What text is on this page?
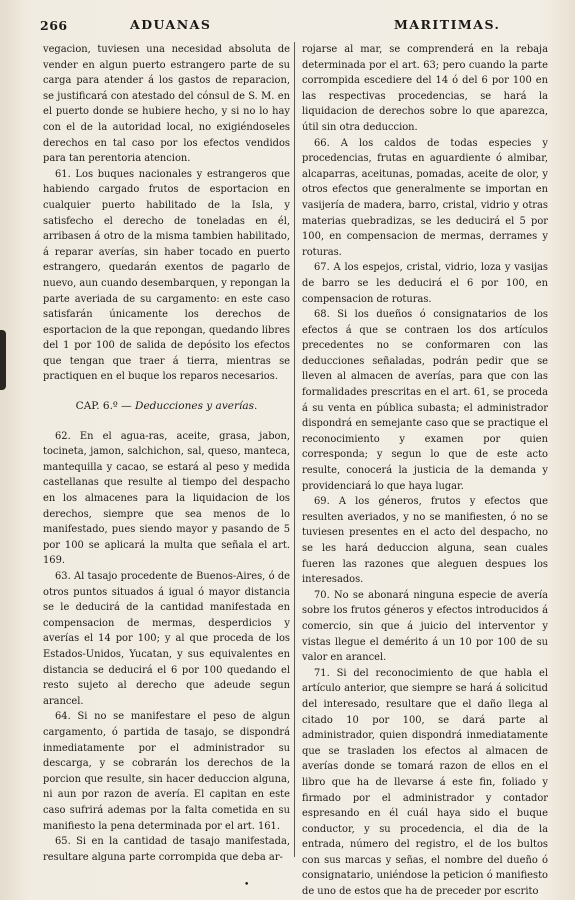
266	ADUANAS	MARITIMAS.

vegacion, tuviesen una necesidad absoluta de vender en algun puerto estrangero parte de su carga para atender á los gastos de reparacion, se justificará con atestado del cónsul de S. M. en el puerto donde se hubiere hecho, y si no lo hay con el de la autoridad local, no exigiéndoseles derechos en tal caso por los efectos vendidos para tan perentoria atencion.

61. Los buques nacionales y estrangeros que habiendo cargado frutos de esportacion en cualquier puerto habilitado de la Isla, y satisfecho el derecho de toneladas en él, arribasen á otro de la misma tambien habilitado, á reparar averías, sin haber tocado en puerto estrangero, quedarán exentos de pagarlo de nuevo, aun cuando desembarquen, y repongan la parte averiada de su cargamento: en este caso satisfarán únicamente los derechos de esportacion de la que repongan, quedando libres del 1 por 100 de salida de depósito los efectos que tengan que traer á tierra, mientras se practiquen en el buque los reparos necesarios.

CAP. 6.º — Deducciones y averías.

62. En el agua-ras, aceite, grasa, jabon, tocineta, jamon, salchichon, sal, queso, manteca, mantequilla y cacao, se estará al peso y medida castellanas que resulte al tiempo del despacho en los almacenes para la liquidacion de los derechos, siempre que sea menos de lo manifestado, pues siendo mayor y pasando de 5 por 100 se aplicará la multa que señala el art. 169.

63. Al tasajo procedente de Buenos-Aires, ó de otros puntos situados á igual ó mayor distancia se le deducirá de la cantidad manifestada en compensacion de mermas, desperdicios y averías el 14 por 100; y al que proceda de los Estados-Unidos, Yucatan, y sus equivalentes en distancia se deducirá el 6 por 100 quedando el resto sujeto al derecho que adeude segun arancel.

64. Si no se manifestare el peso de algun cargamento, ó partida de tasajo, se dispondrá inmediatamente por el administrador su descarga, y se cobrarán los derechos de la porcion que resulte, sin hacer deduccion alguna, ni aun por razon de avería. El capitan en este caso sufrirá ademas por la falta cometida en su manifiesto la pena determinada por el art. 161.

65. Si en la cantidad de tasajo manifestada, resultare alguna parte corrompida que deba ar-

rojarse al mar, se comprenderá en la rebaja determinada por el art. 63; pero cuando la parte corrompida escediere del 14 ó del 6 por 100 en las respectivas procedencias, se hará la liquidacion de derechos sobre lo que aparezca, útil sin otra deduccion.

66. A los caldos de todas especies y procedencias, frutas en aguardiente ó almibar, alcaparras, aceitunas, pomadas, aceite de olor, y otros efectos que generalmente se importan en vasijería de madera, barro, cristal, vidrio y otras materias quebradizas, se les deducirá el 5 por 100, en compensacion de mermas, derrames y roturas.

67. A los espejos, cristal, vidrio, loza y vasijas de barro se les deducirá el 6 por 100, en compensacion de roturas.

68. Si los dueños ó consignatarios de los efectos á que se contraen los dos artículos precedentes no se conformaren con las deducciones señaladas, podrán pedir que se lleven al almacen de averías, para que con las formalidades prescritas en el art. 61, se proceda á su venta en pública subasta; el administrador dispondrá en semejante caso que se practique el reconocimiento y examen por quien corresponda; y segun lo que de este acto resulte, conocerá la justicia de la demanda y providenciará lo que haya lugar.

69. A los géneros, frutos y efectos que resulten averiados, y no se manifiesten, ó no se tuviesen presentes en el acto del despacho, no se les hará deduccion alguna, sean cuales fueren las razones que aleguen despues los interesados.

70. No se abonará ninguna especie de avería sobre los frutos géneros y efectos introducidos á comercio, sin que á juicio del interventor y vistas llegue el demérito á un 10 por 100 de su valor en arancel.

71. Si del reconocimiento de que habla el artículo anterior, que siempre se hará á solicitud del interesado, resultare que el daño llega al citado 10 por 100, se dará parte al administrador, quien dispondrá inmediatamente que se trasladen los efectos al almacen de averías donde se tomará razon de ellos en el libro que ha de llevarse á este fin, foliado y firmado por el administrador y contador espresando en él cuál haya sido el buque conductor, y su procedencia, el dia de la entrada, número del registro, el de los bultos con sus marcas y señas, el nombre del dueño ó consignatario, uniéndose la peticion ó manifiesto de uno de estos que ha de preceder por escrito

•
